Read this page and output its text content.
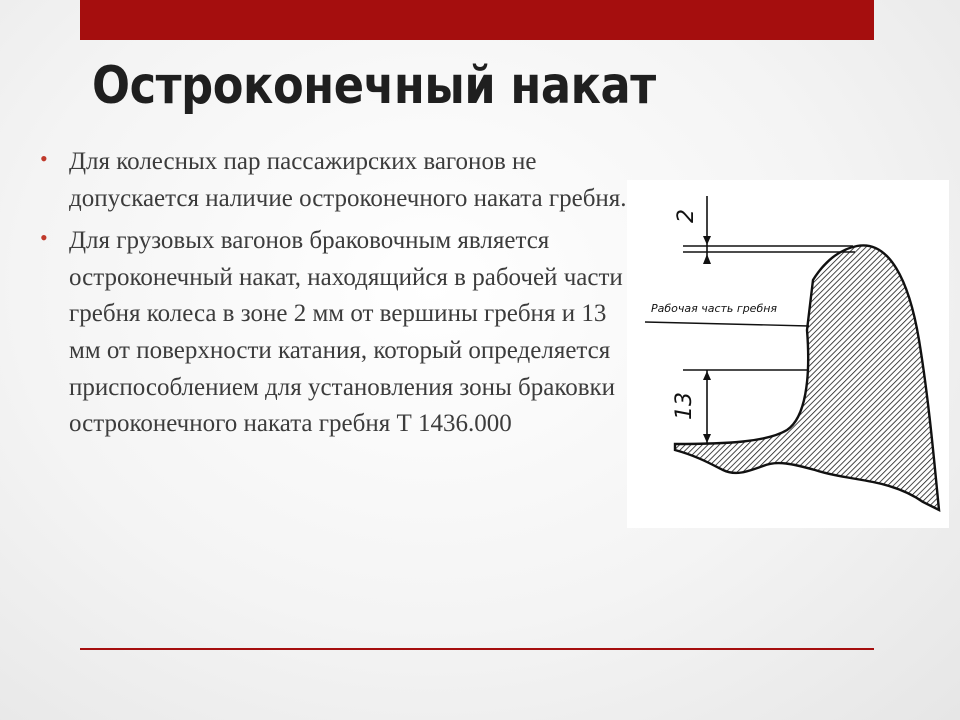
Остроконечный накат
• Для колесных пар пассажирских вагонов не допускается наличие остроконечного наката гребня.
• Для грузовых вагонов браковочным является остроконечный накат, находящийся в рабочей части гребня колеса в зоне 2 мм от вершины гребня и 13 мм от поверхности катания, который определяется приспособлением для установления зоны браковки остроконечного наката гребня Т 1436.000
2
Рабочая часть гребня
13
